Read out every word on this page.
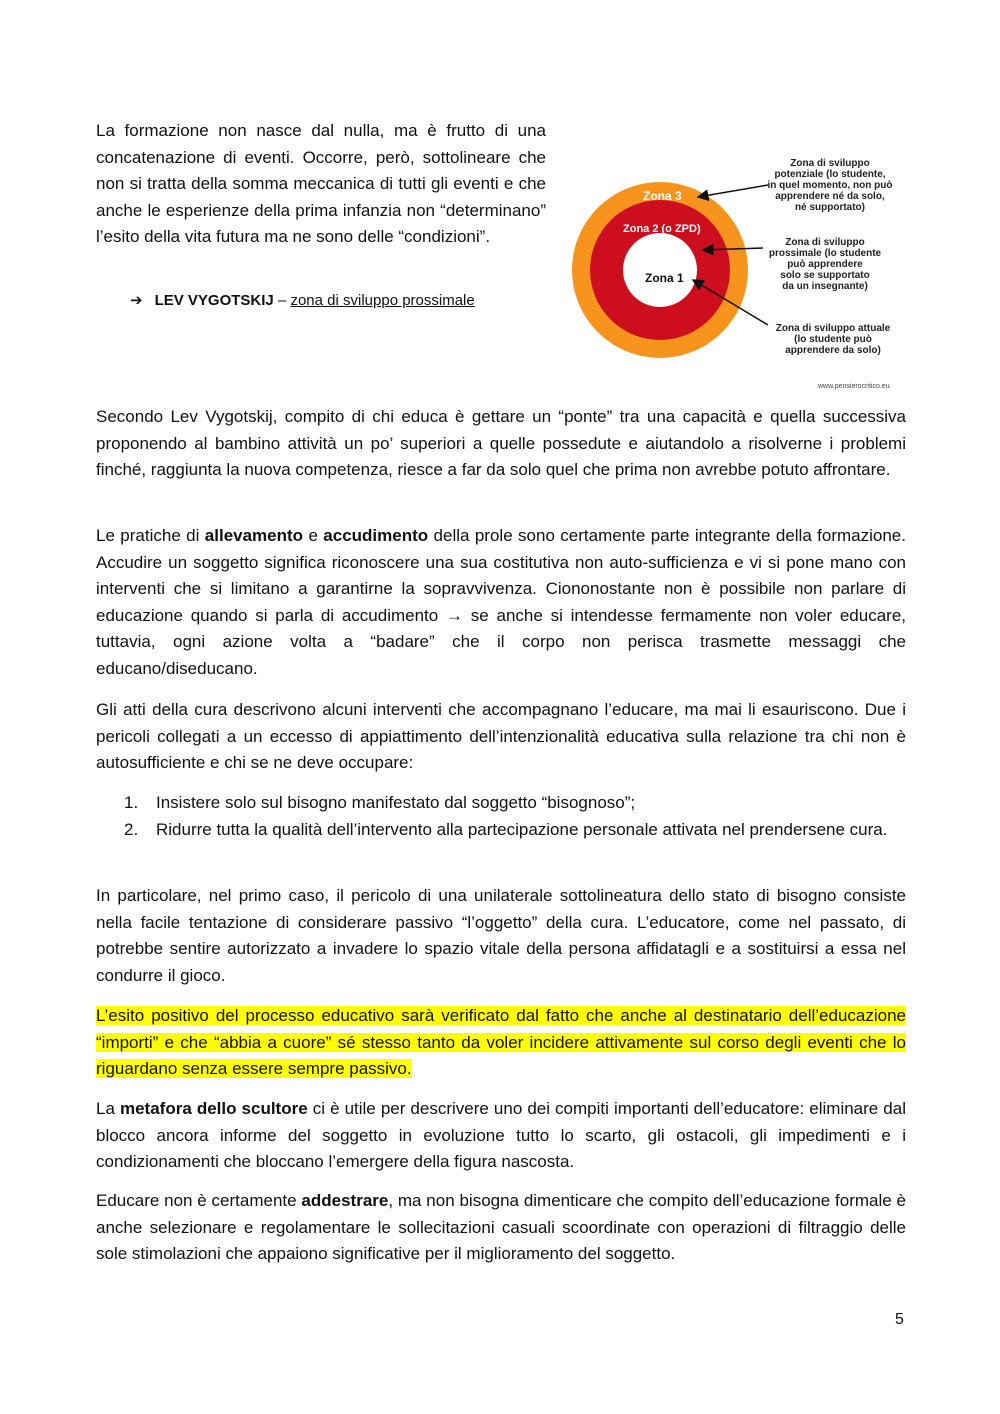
La formazione non nasce dal nulla, ma è frutto di una concatenazione di eventi. Occorre, però, sottolineare che non si tratta della somma meccanica di tutti gli eventi e che anche le esperienze della prima infanzia non “determinano” l’esito della vita futura ma ne sono delle “condizioni”.

➔ LEV VYGOTSKIJ – zona di sviluppo prossimale
Zona 3
Zona 2 (o ZPD)
Zona 1
Zona di sviluppo
potenziale (lo studente,
in quel momento, non può
apprendere né da solo,
né supportato)
Zona di sviluppo
prossimale (lo studente
può apprendere
solo se supportato
da un insegnante)
Zona di sviluppo attuale
(lo studente può
apprendere da solo)
www.pensierocritico.eu

Secondo Lev Vygotskij, compito di chi educa è gettare un “ponte” tra una capacità e quella successiva proponendo al bambino attività un po’ superiori a quelle possedute e aiutandolo a risolverne i problemi finché, raggiunta la nuova competenza, riesce a far da solo quel che prima non avrebbe potuto affrontare.

Le pratiche di allevamento e accudimento della prole sono certamente parte integrante della formazione. Accudire un soggetto significa riconoscere una sua costitutiva non auto-sufficienza e vi si pone mano con interventi che si limitano a garantirne la sopravvivenza. Ciononostante non è possibile non parlare di educazione quando si parla di accudimento → se anche si intendesse fermamente non voler educare, tuttavia, ogni azione volta a “badare” che il corpo non perisca trasmette messaggi che educano/diseducano.

Gli atti della cura descrivono alcuni interventi che accompagnano l’educare, ma mai li esauriscono. Due i pericoli collegati a un eccesso di appiattimento dell’intenzionalità educativa sulla relazione tra chi non è autosufficiente e chi se ne deve occupare:

1. Insistere solo sul bisogno manifestato dal soggetto “bisognoso”;
2. Ridurre tutta la qualità dell’intervento alla partecipazione personale attivata nel prendersene cura.

In particolare, nel primo caso, il pericolo di una unilaterale sottolineatura dello stato di bisogno consiste nella facile tentazione di considerare passivo “l’oggetto” della cura. L’educatore, come nel passato, di potrebbe sentire autorizzato a invadere lo spazio vitale della persona affidatagli e a sostituirsi a essa nel condurre il gioco.

L’esito positivo del processo educativo sarà verificato dal fatto che anche al destinatario dell’educazione “importi” e che “abbia a cuore” sé stesso tanto da voler incidere attivamente sul corso degli eventi che lo riguardano senza essere sempre passivo.

La metafora dello scultore ci è utile per descrivere uno dei compiti importanti dell’educatore: eliminare dal blocco ancora informe del soggetto in evoluzione tutto lo scarto, gli ostacoli, gli impedimenti e i condizionamenti che bloccano l’emergere della figura nascosta.

Educare non è certamente addestrare, ma non bisogna dimenticare che compito dell’educazione formale è anche selezionare e regolamentare le sollecitazioni casuali scoordinate con operazioni di filtraggio delle sole stimolazioni che appaiono significative per il miglioramento del soggetto.

5
